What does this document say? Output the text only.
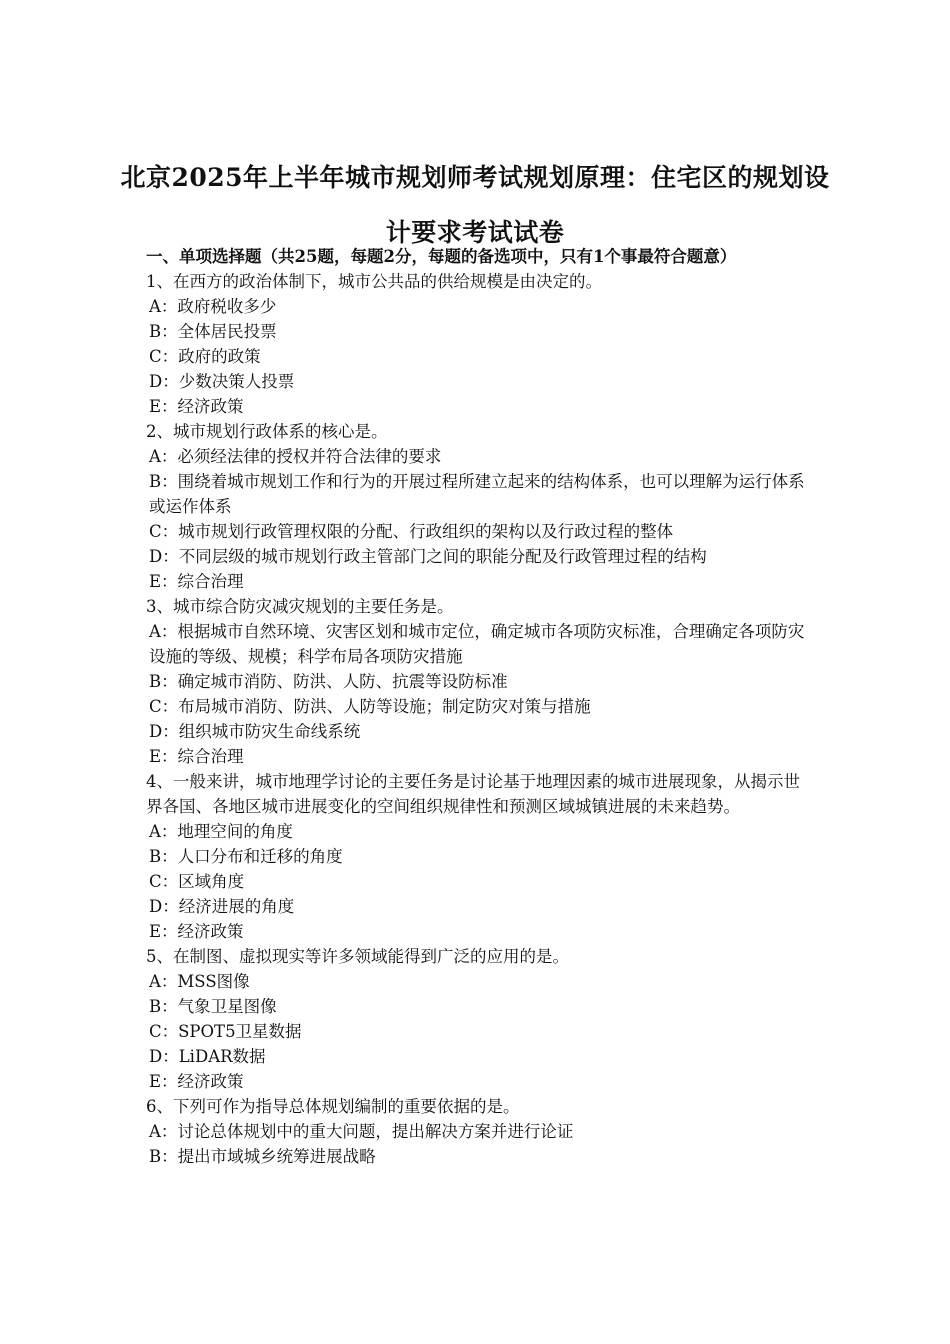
北京2025年上半年城市规划师考试规划原理：住宅区的规划设计要求考试试卷

一、单项选择题（共25题，每题2分，每题的备选项中，只有1个事最符合题意）

1、在西方的政治体制下，城市公共品的供给规模是由决定的。

A：政府税收多少

B：全体居民投票

C：政府的政策

D：少数决策人投票

E：经济政策

2、城市规划行政体系的核心是。

A：必须经法律的授权并符合法律的要求

B：围绕着城市规划工作和行为的开展过程所建立起来的结构体系，也可以理解为运行体系或运作体系

C：城市规划行政管理权限的分配、行政组织的架构以及行政过程的整体

D：不同层级的城市规划行政主管部门之间的职能分配及行政管理过程的结构

E：综合治理

3、城市综合防灾减灾规划的主要任务是。

A：根据城市自然环境、灾害区划和城市定位，确定城市各项防灾标准，合理确定各项防灾设施的等级、规模；科学布局各项防灾措施

B：确定城市消防、防洪、人防、抗震等设防标准

C：布局城市消防、防洪、人防等设施；制定防灾对策与措施

D：组织城市防灾生命线系统

E：综合治理

4、一般来讲，城市地理学讨论的主要任务是讨论基于地理因素的城市进展现象，从揭示世界各国、各地区城市进展变化的空间组织规律性和预测区域城镇进展的未来趋势。

A：地理空间的角度

B：人口分布和迁移的角度

C：区域角度

D：经济进展的角度

E：经济政策

5、在制图、虚拟现实等许多领域能得到广泛的应用的是。

A：MSS图像

B：气象卫星图像

C：SPOT5卫星数据

D：LiDAR数据

E：经济政策

6、下列可作为指导总体规划编制的重要依据的是。

A：讨论总体规划中的重大问题，提出解决方案并进行论证

B：提出市域城乡统筹进展战略
